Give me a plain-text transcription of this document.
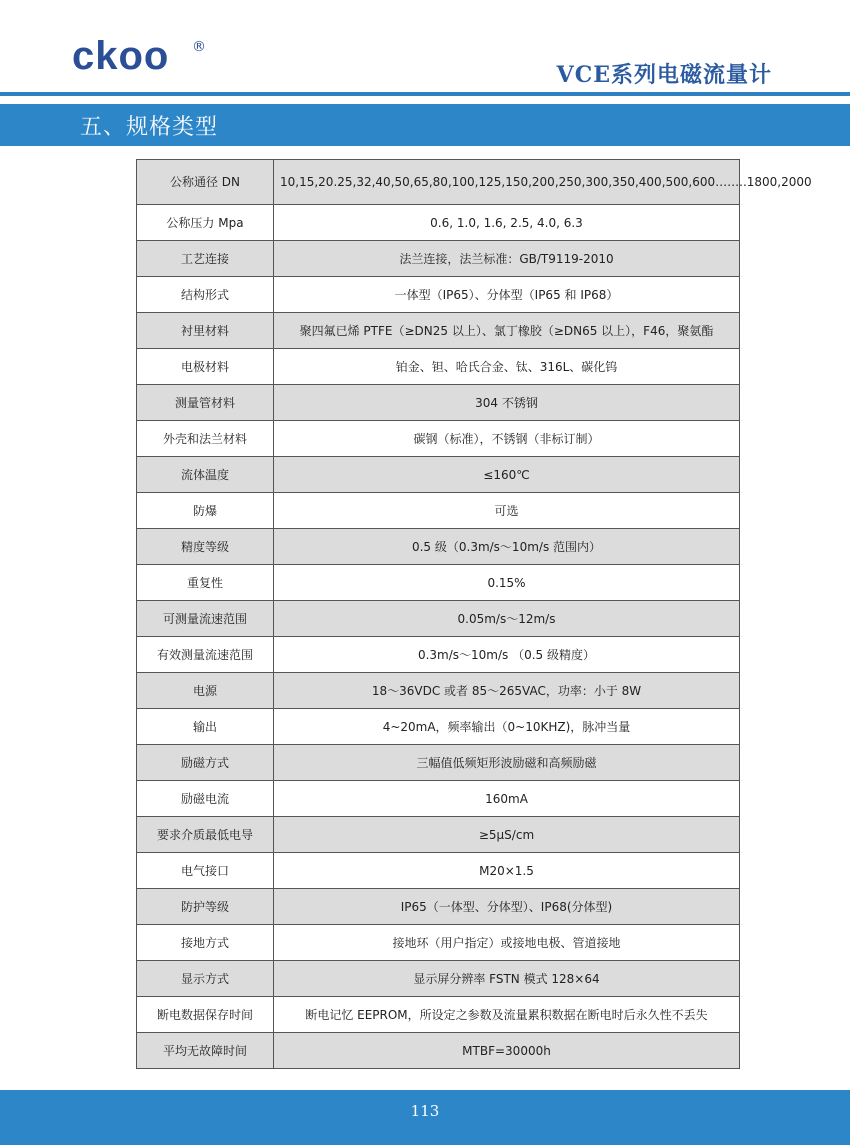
ckoo ®
VCE系列电磁流量计
五、规格类型
公称通径 DN	10,15,20.25,32,40,50,65,80,100,125,150,200,250,300,350,400,500,600……..1800,2000
公称压力 Mpa	0.6, 1.0, 1.6, 2.5, 4.0, 6.3
工艺连接	法兰连接，法兰标准：GB/T9119-2010
结构形式	一体型（IP65）、分体型（IP65 和 IP68）
衬里材料	聚四氟已烯 PTFE（≥DN25 以上）、氯丁橡胶（≥DN65 以上），F46，聚氨酯
电极材料	铂金、钽、哈氏合金、钛、316L、碳化钨
测量管材料	304 不锈钢
外壳和法兰材料	碳钢（标准），不锈钢（非标订制）
流体温度	≤160℃
防爆	可选
精度等级	0.5 级（0.3m/s～10m/s 范围内）
重复性	0.15%
可测量流速范围	0.05m/s～12m/s
有效测量流速范围	0.3m/s～10m/s （0.5 级精度）
电源	18～36VDC 或者 85～265VAC，功率：小于 8W
输出	4~20mA，频率输出（0~10KHZ)，脉冲当量
励磁方式	三幅值低频矩形波励磁和高频励磁
励磁电流	160mA
要求介质最低电导	≥5μS/cm
电气接口	M20×1.5
防护等级	IP65（一体型、分体型）、IP68(分体型)
接地方式	接地环（用户指定）或接地电极、管道接地
显示方式	显示屏分辨率 FSTN 模式 128×64
断电数据保存时间	断电记忆 EEPROM，所设定之参数及流量累积数据在断电时后永久性不丢失
平均无故障时间	MTBF=30000h
113
